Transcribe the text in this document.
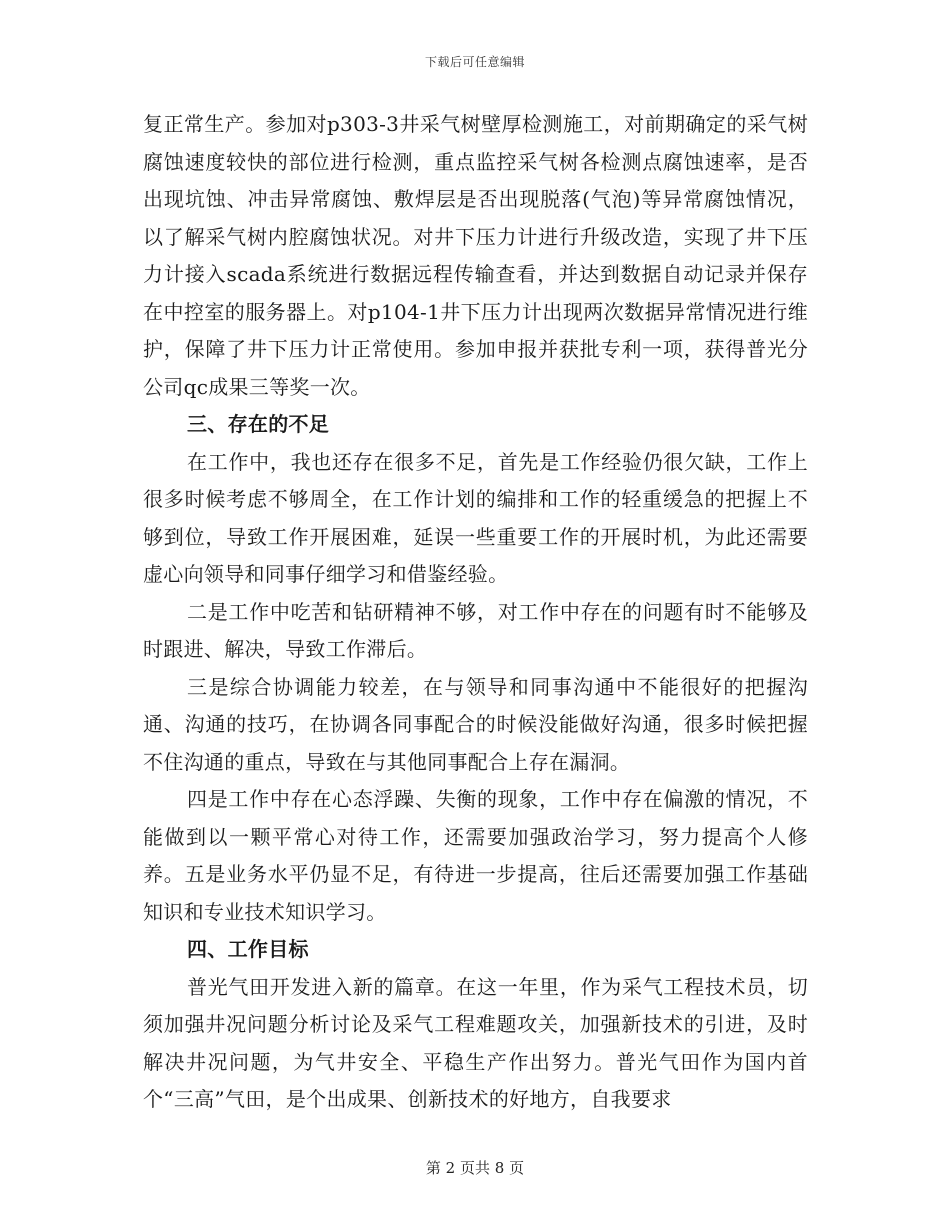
下载后可任意编辑

复正常生产。参加对p303-3井采气树壁厚检测施工，对前期确定的采气树腐蚀速度较快的部位进行检测，重点监控采气树各检测点腐蚀速率，是否出现坑蚀、冲击异常腐蚀、敷焊层是否出现脱落(气泡)等异常腐蚀情况，以了解采气树内腔腐蚀状况。对井下压力计进行升级改造，实现了井下压力计接入scada系统进行数据远程传输查看，并达到数据自动记录并保存在中控室的服务器上。对p104-1井下压力计出现两次数据异常情况进行维护，保障了井下压力计正常使用。参加申报并获批专利一项，获得普光分公司qc成果三等奖一次。

三、存在的不足

在工作中，我也还存在很多不足，首先是工作经验仍很欠缺，工作上很多时候考虑不够周全，在工作计划的编排和工作的轻重缓急的把握上不够到位，导致工作开展困难，延误一些重要工作的开展时机，为此还需要虚心向领导和同事仔细学习和借鉴经验。

二是工作中吃苦和钻研精神不够，对工作中存在的问题有时不能够及时跟进、解决，导致工作滞后。

三是综合协调能力较差，在与领导和同事沟通中不能很好的把握沟通、沟通的技巧，在协调各同事配合的时候没能做好沟通，很多时候把握不住沟通的重点，导致在与其他同事配合上存在漏洞。

四是工作中存在心态浮躁、失衡的现象，工作中存在偏激的情况，不能做到以一颗平常心对待工作，还需要加强政治学习，努力提高个人修养。五是业务水平仍显不足，有待进一步提高，往后还需要加强工作基础知识和专业技术知识学习。

四、工作目标

普光气田开发进入新的篇章。在这一年里，作为采气工程技术员，切须加强井况问题分析讨论及采气工程难题攻关，加强新技术的引进，及时解决井况问题，为气井安全、平稳生产作出努力。普光气田作为国内首个“三高”气田，是个出成果、创新技术的好地方，自我要求

第 2 页共 8 页
